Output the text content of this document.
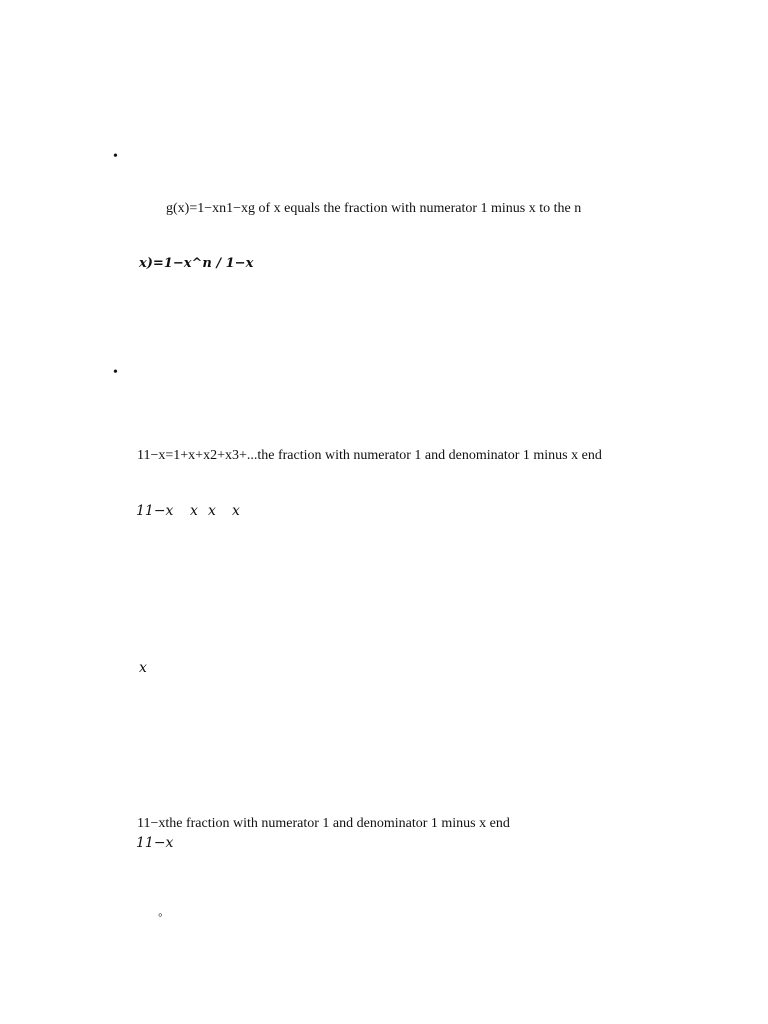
•
g(x)=1−xn1−xg of x equals the fraction with numerator 1 minus x to the n
x)=1−x^n / 1−x
•
11−x=1+x+x2+x3+...the fraction with numerator 1 and denominator 1 minus x end
11−x x x x
x
11−xthe fraction with numerator 1 and denominator 1 minus x end
11−x
◦
